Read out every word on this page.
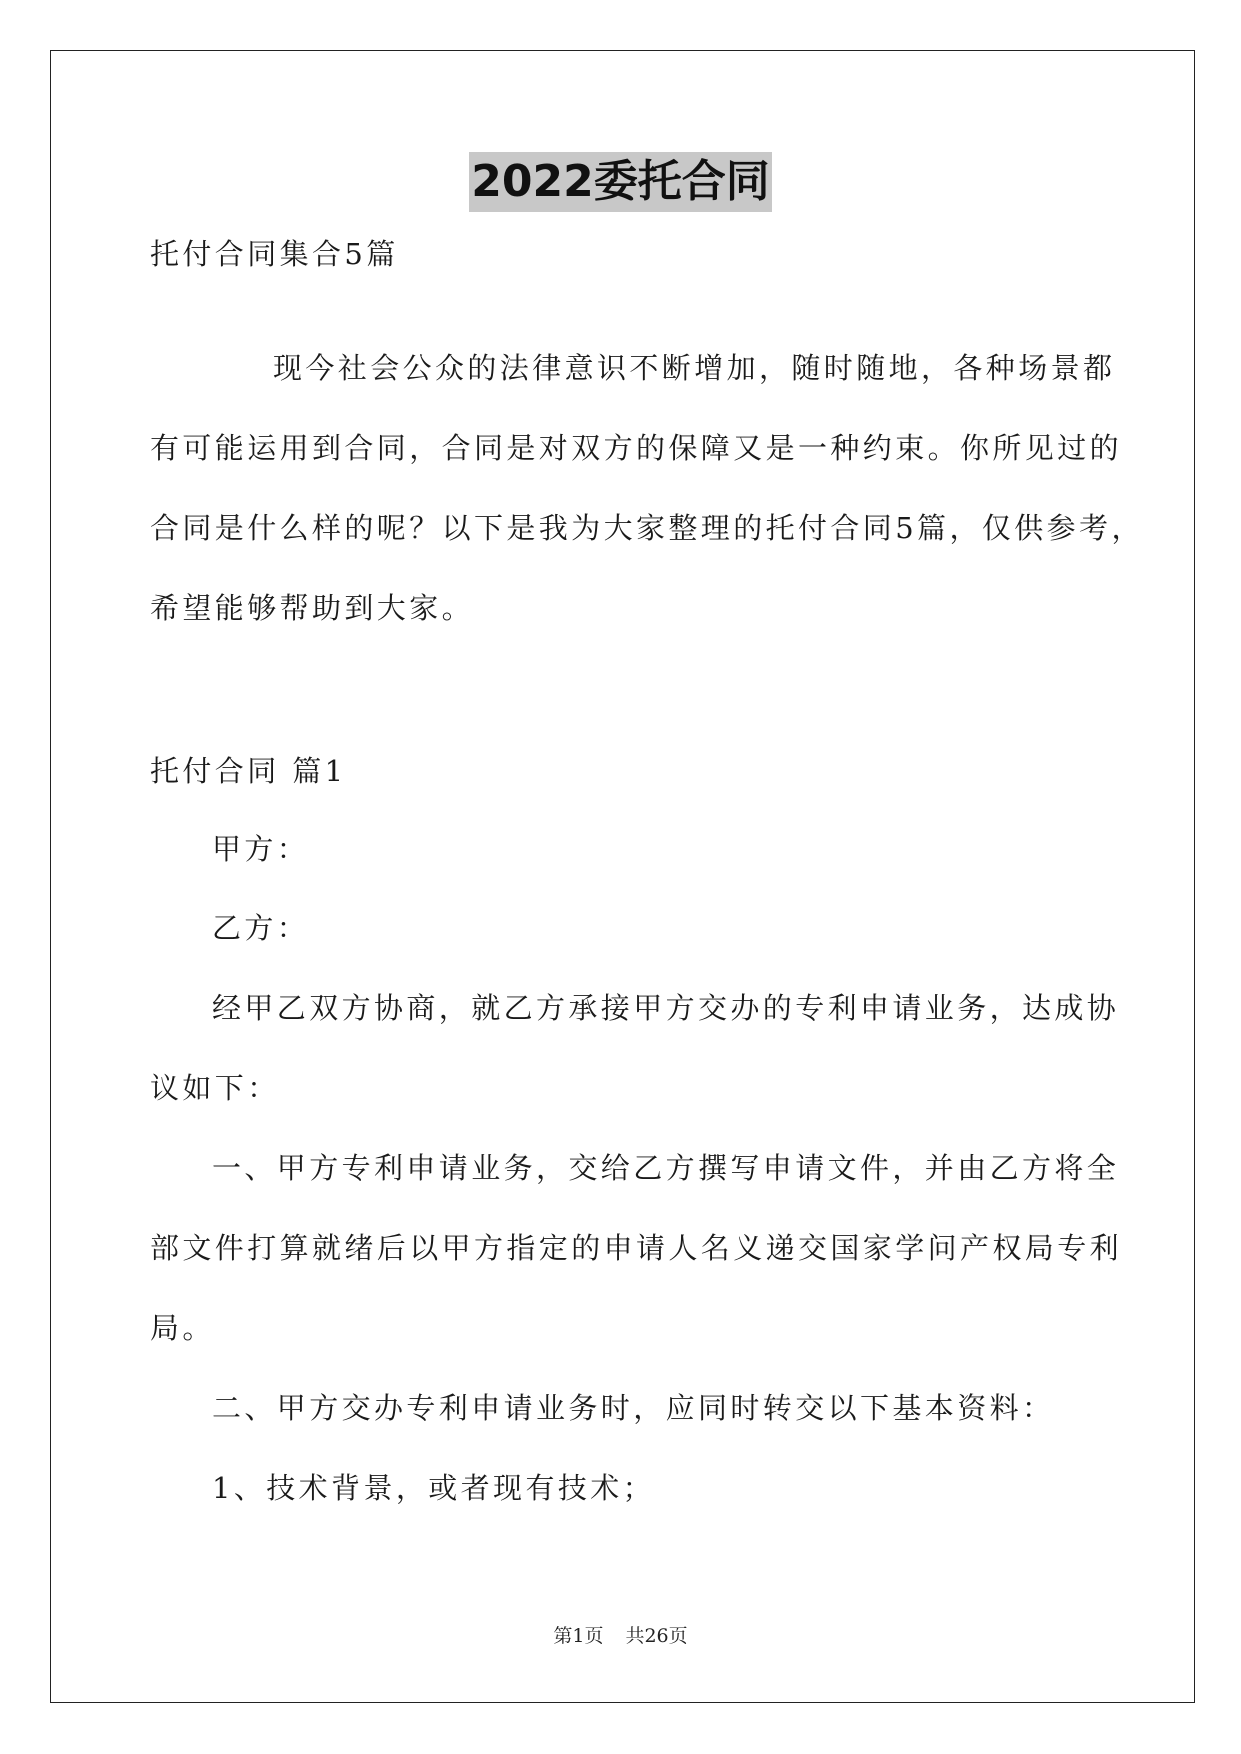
2022委托合同
托付合同集合5篇
现今社会公众的法律意识不断增加，随时随地，各种场景都
有可能运用到合同，合同是对双方的保障又是一种约束。你所见过的
合同是什么样的呢？以下是我为大家整理的托付合同5篇，仅供参考，
希望能够帮助到大家。
托付合同 篇1
甲方：
乙方：
经甲乙双方协商，就乙方承接甲方交办的专利申请业务，达成协
议如下：
一、甲方专利申请业务，交给乙方撰写申请文件，并由乙方将全
部文件打算就绪后以甲方指定的申请人名义递交国家学问产权局专利
局。
二、甲方交办专利申请业务时，应同时转交以下基本资料：
1、技术背景，或者现有技术；
第1页 共26页
